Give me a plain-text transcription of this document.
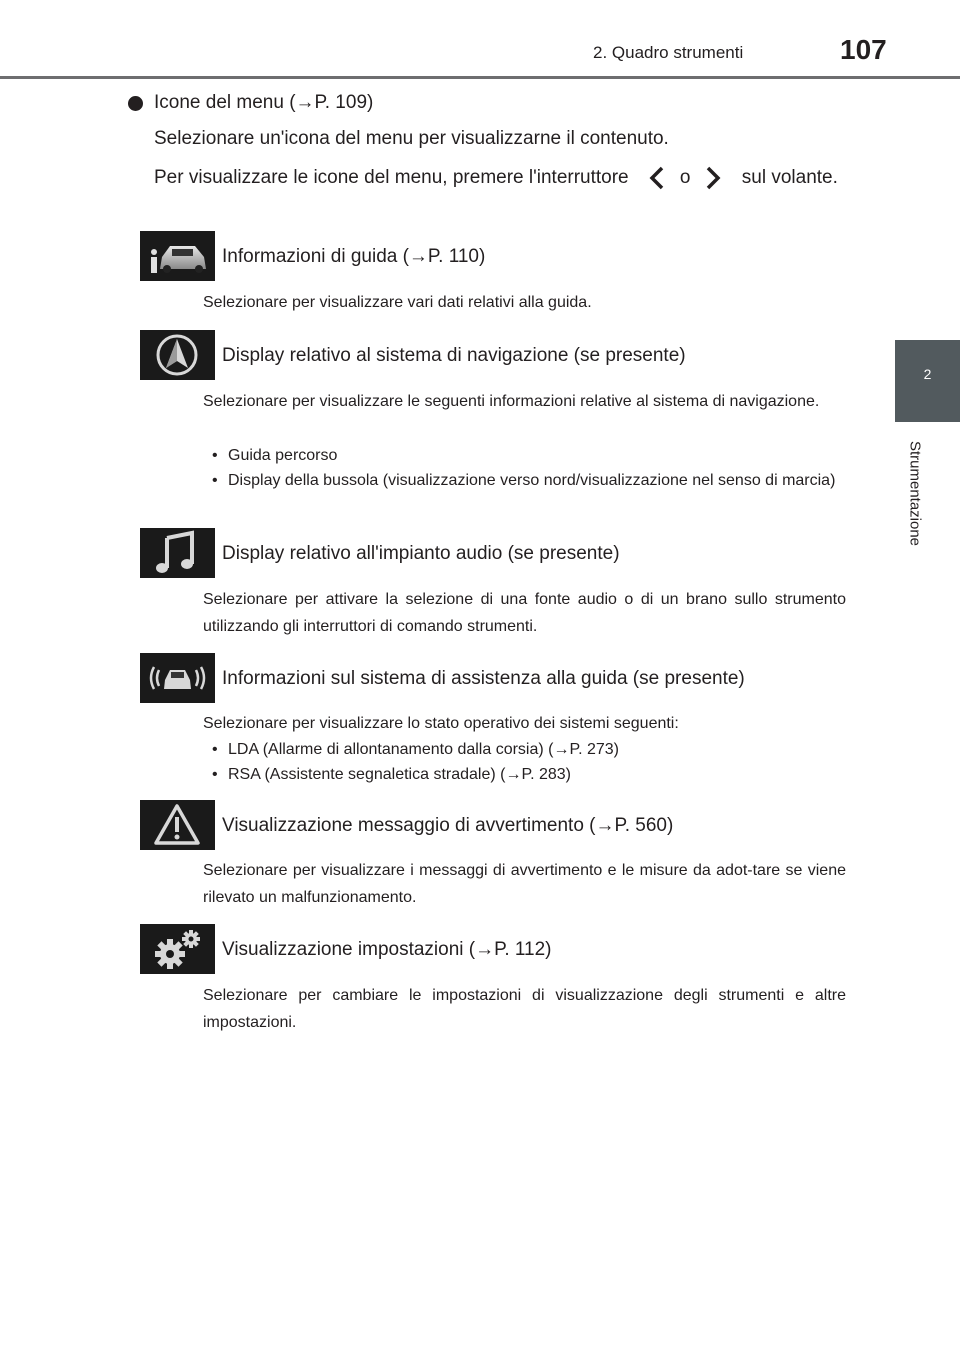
2. Quadro strumenti	107
2
Strumentazione
Icone del menu (→P. 109)
Selezionare un'icona del menu per visualizzarne il contenuto.
Per visualizzare le icone del menu, premere l'interruttore	o	sul volante.
Informazioni di guida (→P. 110)
Selezionare per visualizzare vari dati relativi alla guida.
Display relativo al sistema di navigazione (se presente)
Selezionare per visualizzare le seguenti informazioni relative al sistema di navigazione.
• Guida percorso
• Display della bussola (visualizzazione verso nord/visualizzazione nel senso di marcia)
Display relativo all'impianto audio (se presente)
Selezionare per attivare la selezione di una fonte audio o di un brano sullo strumento utilizzando gli interruttori di comando strumenti.
Informazioni sul sistema di assistenza alla guida (se presente)
Selezionare per visualizzare lo stato operativo dei sistemi seguenti:
• LDA (Allarme di allontanamento dalla corsia) (→P. 273)
• RSA (Assistente segnaletica stradale) (→P. 283)
Visualizzazione messaggio di avvertimento (→P. 560)
Selezionare per visualizzare i messaggi di avvertimento e le misure da adot-tare se viene rilevato un malfunzionamento.
Visualizzazione impostazioni (→P. 112)
Selezionare per cambiare le impostazioni di visualizzazione degli strumenti e altre impostazioni.
